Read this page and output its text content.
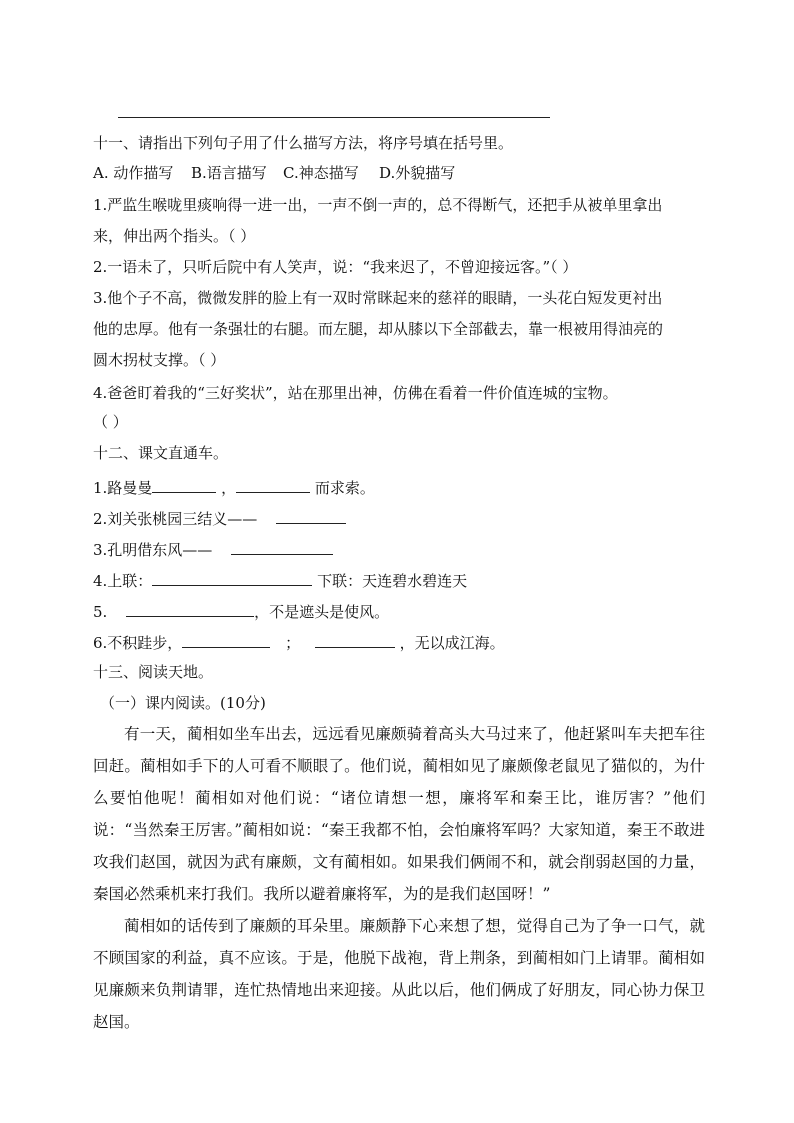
十一、请指出下列句子用了什么描写方法，将序号填在括号里。
A. 动作描写 B.语言描写 C.神态描写 D.外貌描写
1.严监生喉咙里痰响得一进一出，一声不倒一声的，总不得断气，还把手从被单里拿出
来，伸出两个指头。（ ）
2.一语未了，只听后院中有人笑声，说：“我来迟了，不曾迎接远客。”（ ）
3.他个子不高，微微发胖的脸上有一双时常眯起来的慈祥的眼睛，一头花白短发更衬出
他的忠厚。他有一条强壮的右腿。而左腿，却从膝以下全部截去，靠一根被用得油亮的
圆木拐杖支撑。（ ）
4.爸爸盯着我的“三好奖状”，站在那里出神，仿佛在看着一件价值连城的宝物。
（ ）
十二、课文直通车。
1.路曼曼	，	而求索。
2.刘关张桃园三结义——
3.孔明借东风——
4.上联：	下联：天连碧水碧连天
5.	，不是遮头是使风。
6.不积跬步，	；	，无以成江海。
十三、阅读天地。
（一）课内阅读。(10分)
有一天，蔺相如坐车出去，远远看见廉颇骑着高头大马过来了，他赶紧叫车夫把车往回赶。蔺相如手下的人可看不顺眼了。他们说，蔺相如见了廉颇像老鼠见了猫似的，为什么要怕他呢！蔺相如对他们说：“诸位请想一想，廉将军和秦王比，谁厉害？”他们说：“当然秦王厉害。”蔺相如说：“秦王我都不怕，会怕廉将军吗？大家知道，秦王不敢进攻我们赵国，就因为武有廉颇，文有蔺相如。如果我们俩闹不和，就会削弱赵国的力量，秦国必然乘机来打我们。我所以避着廉将军，为的是我们赵国呀！”
蔺相如的话传到了廉颇的耳朵里。廉颇静下心来想了想，觉得自己为了争一口气，就不顾国家的利益，真不应该。于是，他脱下战袍，背上荆条，到蔺相如门上请罪。蔺相如见廉颇来负荆请罪，连忙热情地出来迎接。从此以后，他们俩成了好朋友，同心协力保卫赵国。
